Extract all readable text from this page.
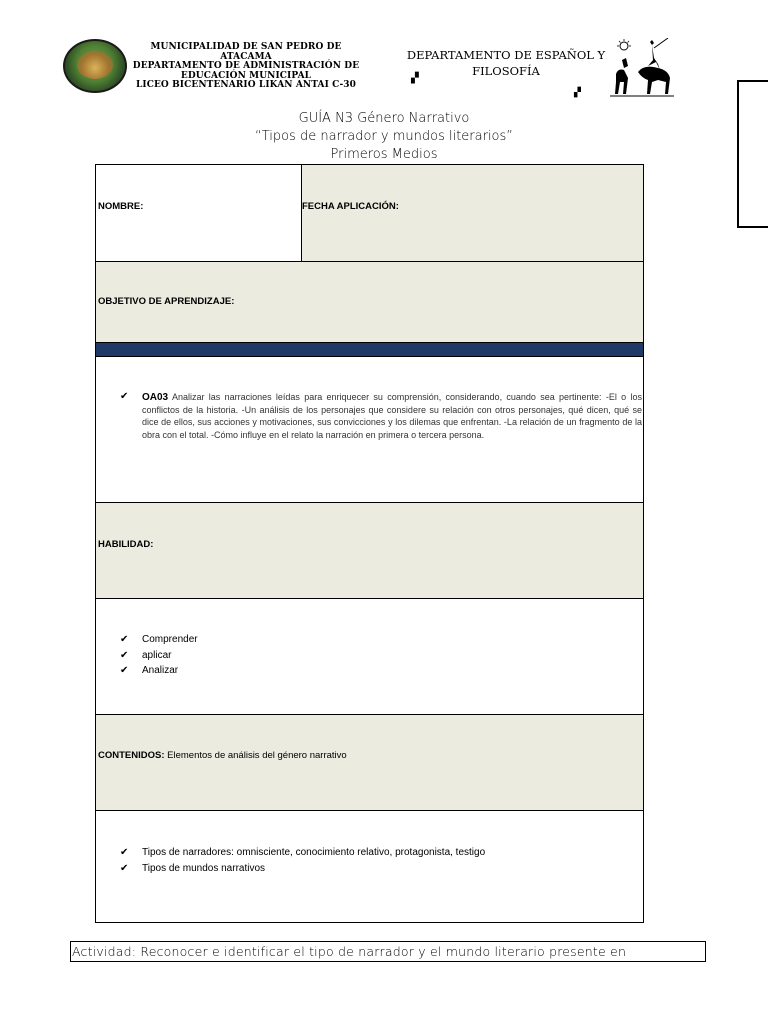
MUNICIPALIDAD DE SAN PEDRO DE ATACAMA
DEPARTAMENTO DE ADMINISTRACIÓN DE
EDUCACIÓN MUNICIPAL
LICEO BICENTENARIO LIKAN ANTAI C-30
DEPARTAMENTO DE ESPAÑOL Y
FILOSOFÍA
▞
▞
GUÍA N3 Género Narrativo
“Tipos de narrador y mundos literarios”
Primeros Medios
NOMBRE:	FECHA APLICACIÓN:
OBJETIVO DE APRENDIZAJE:
✔	OA03 Analizar las narraciones leídas para enriquecer su comprensión, considerando, cuando sea pertinente: -El o los conflictos de la historia. -Un análisis de los personajes que considere su relación con otros personajes, qué dicen, qué se dice de ellos, sus acciones y motivaciones, sus convicciones y los dilemas que enfrentan. -La relación de un fragmento de la obra con el total. -Cómo influye en el relato la narración en primera o tercera persona.
HABILIDAD:
✔	Comprender
✔	aplicar
✔	Analizar
CONTENIDOS: Elementos de análisis del género narrativo
✔	Tipos de narradores: omnisciente, conocimiento relativo, protagonista, testigo
✔	Tipos de mundos narrativos
Actividad: Reconocer e identificar el tipo de narrador y el mundo literario presente en
